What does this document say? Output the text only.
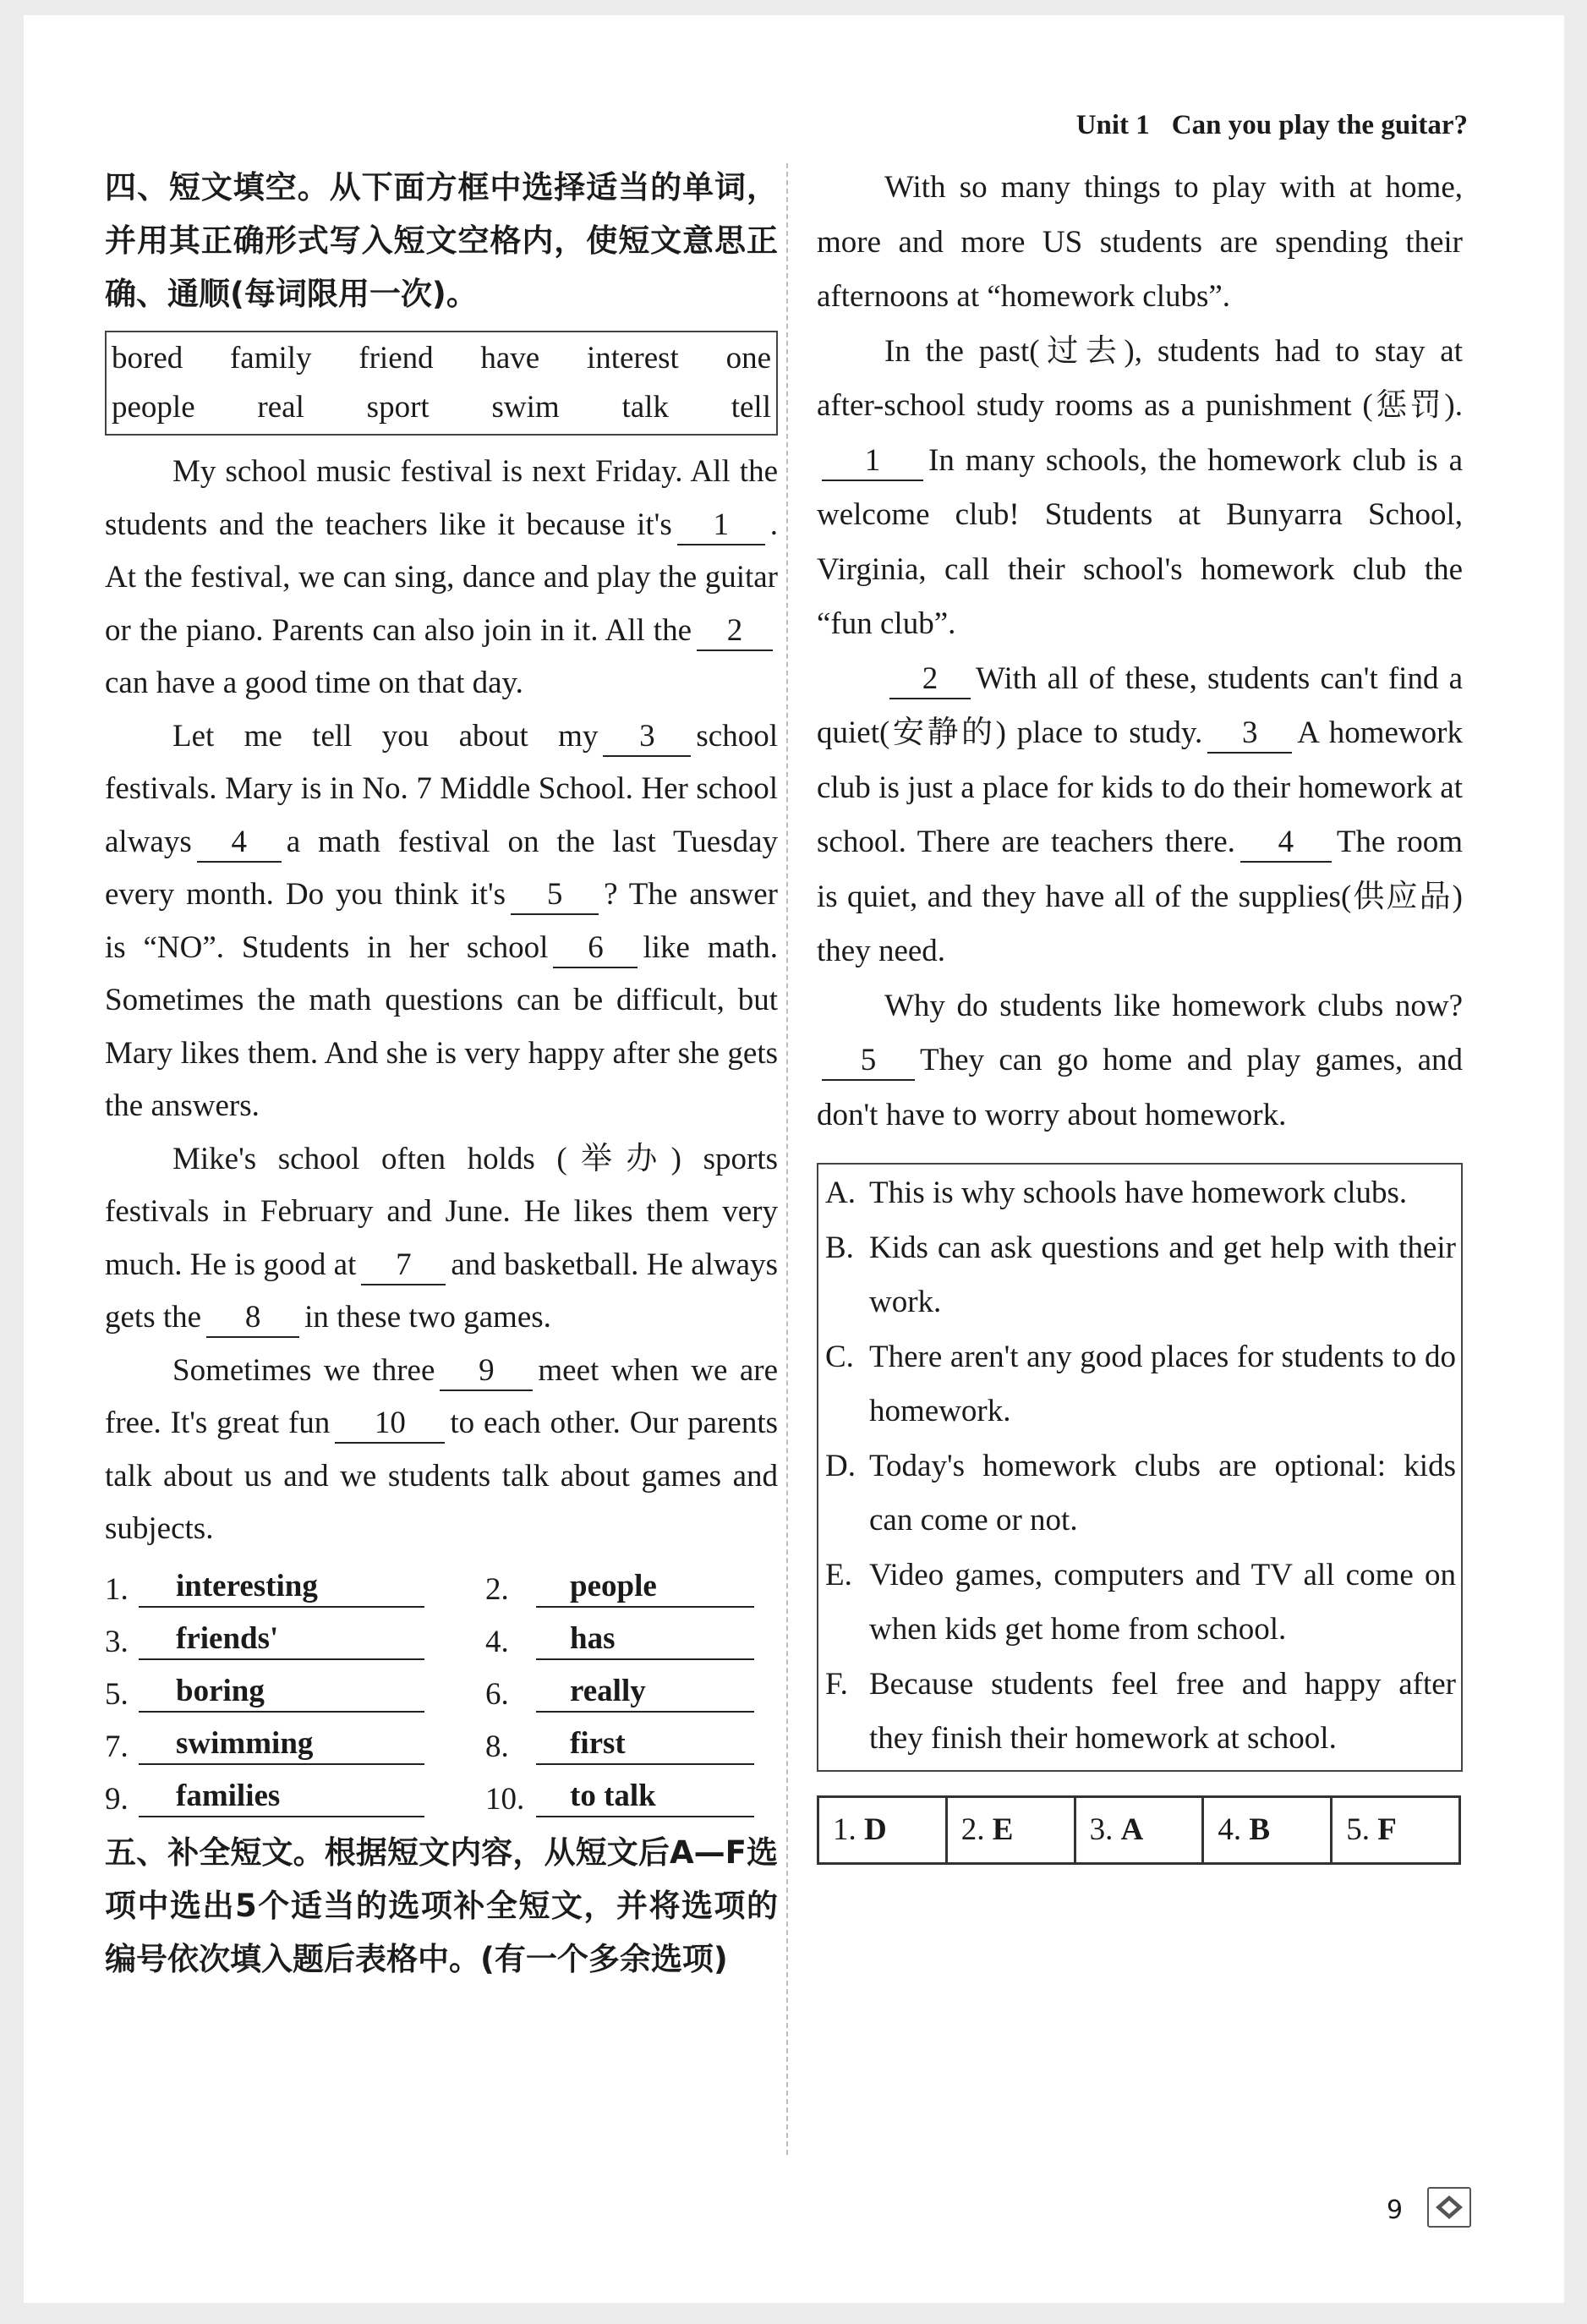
Unit 1 Can you play the guitar?

四、短文填空。从下面方框中选择适当的单词，并用其正确形式写入短文空格内，使短文意思正确、通顺(每词限用一次)。

bored family friend have interest one
people real sport swim talk tell

My school music festival is next Friday. All the students and the teachers like it because it's 1 . At the festival, we can sing, dance and play the guitar or the piano. Parents can also join in it. All the 2can have a good time on that day.

Let me tell you about my 3 school festivals. Mary is in No. 7 Middle School. Her school always 4 a math festival on the last Tuesday every month. Do you think it's 5 ? The answer is “NO”. Students in her school 6 like math. Sometimes the math questions can be difficult, but Mary likes them. And she is very happy after she gets the answers.

Mike's school often holds (举办) sports festivals in February and June. He likes them very much. He is good at 7 and basketball. He always gets the 8 in these two games.

Sometimes we three 9 meet when we are free. It's great fun 10 to each other. Our parents talk about us and we students talk about games and subjects.

1.	interesting	2.	people
3.	friends'	4.	has
5.	boring	6.	really
7.	swimming	8.	first
9.	families	10.	to talk

五、补全短文。根据短文内容，从短文后A—F选项中选出5个适当的选项补全短文，并将选项的编号依次填入题后表格中。(有一个多余选项)

With so many things to play with at home, more and more US students are spending their afternoons at “homework clubs”.

In the past(过去), students had to stay at after-school study rooms as a punishment (惩罚).1 In many schools, the homework club is a welcome club! Students at Bunyarra School, Virginia, call their school's homework club the “fun club”.

2 With all of these, students can't find a quiet(安静的) place to study. 3 A homework club is just a place for kids to do their homework at school. There are teachers there. 4 The room is quiet, and they have all of the supplies(供应品) they need.

Why do students like homework clubs now?5 They can go home and play games, and don't have to worry about homework.

A. This is why schools have homework clubs.
B. Kids can ask questions and get help with their work.
C. There aren't any good places for students to do homework.
D. Today's homework clubs are optional: kids can come or not.
E. Video games, computers and TV all come on when kids get home from school.
F. Because students feel free and happy after they finish their homework at school.
1. D	2. E	3. A	4. B	5. F
9
